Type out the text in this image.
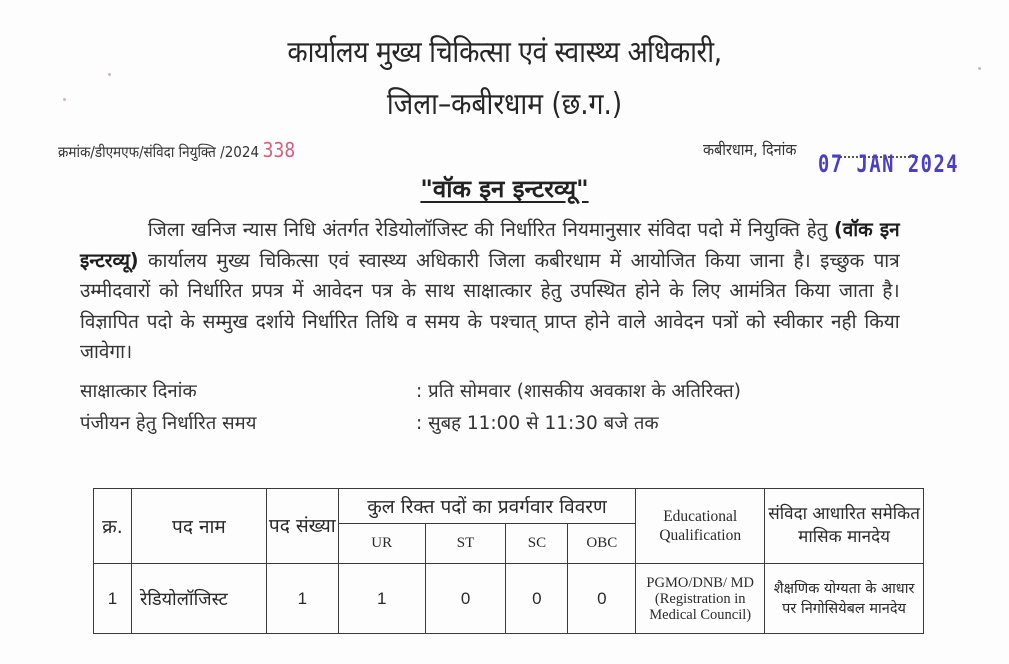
कार्यालय मुख्य चिकित्सा एवं स्वास्थ्य अधिकारी,
जिला–कबीरधाम (छ.ग.)
क्रमांक/डीएमएफ/संविदा नियुक्ति /2024 338	कबीरधाम, दिनांक
07 JAN 2024
"वॉक इन इन्टरव्यू"
जिला खनिज न्यास निधि अंतर्गत रेडियोलॉजिस्ट की निर्धारित नियमानुसार संविदा पदो में नियुक्ति हेतु (वॉक इन इन्टरव्यू) कार्यालय मुख्य चिकित्सा एवं स्वास्थ्य अधिकारी जिला कबीरधाम में आयोजित किया जाना है। इच्छुक पात्र उम्मीदवारों को निर्धारित प्रपत्र में आवेदन पत्र के साथ साक्षात्कार हेतु उपस्थित होने के लिए आमंत्रित किया जाता है। विज्ञापित पदो के सम्मुख दर्शाये निर्धारित तिथि व समय के पश्चात् प्राप्त होने वाले आवेदन पत्रों को स्वीकार नही किया जावेगा।
साक्षात्कार दिनांक	: प्रति सोमवार (शासकीय अवकाश के अतिरिक्त)
पंजीयन हेतु निर्धारित समय	: सुबह 11:00 से 11:30 बजे तक
क्र.	पद नाम	पद संख्या	कुल रिक्त पदों का प्रवर्गवार विवरण				Educational Qualification	संविदा आधारित समेकित मासिक मानदेय
			UR	ST	SC	OBC		
1	रेडियोलॉजिस्ट	1	1	0	0	0	PGMO/DNB/ MD (Registration in Medical Council)	शैक्षणिक योग्यता के आधार पर निगोसियेबल मानदेय
